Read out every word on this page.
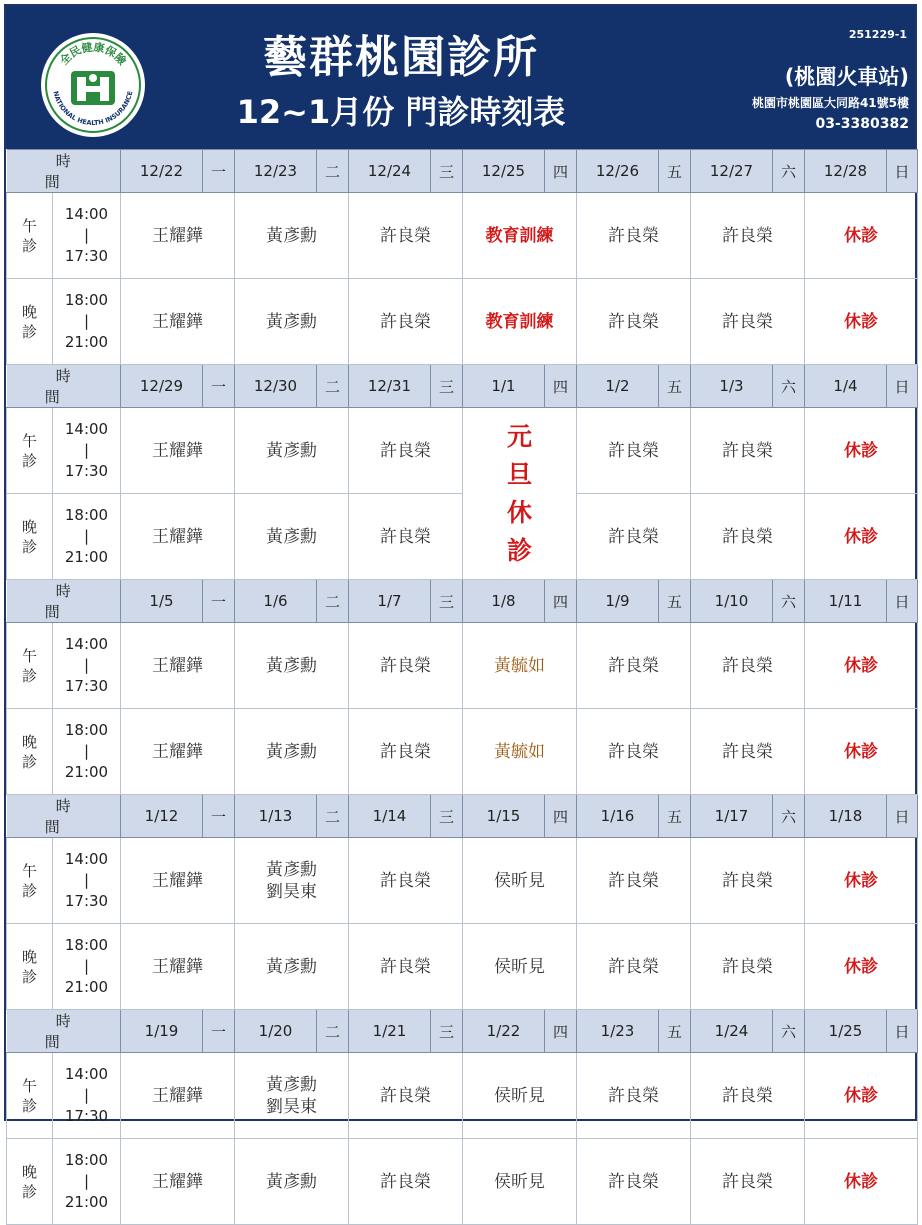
全民健康保險
NATIONAL HEALTH INSURANCE
藝群桃園診所
12~1月份 門診時刻表
251229-1
(桃園火車站)
桃園市桃園區大同路41號5樓
03-3380382
時 間		12/22	一	12/23	二	12/24	三	12/25	四	12/26	五	12/27	六	12/28	日
午
診	14:00
|
17:30	王耀鏵		黃彥勳		許良榮		教育訓練		許良榮		許良榮		休診	
晚
診	18:00
|
21:00	王耀鏵		黃彥勳		許良榮		教育訓練		許良榮		許良榮		休診	
時 間		12/29	一	12/30	二	12/31	三	1/1	四	1/2	五	1/3	六	1/4	日
午
診	14:00
|
17:30	王耀鏵		黃彥勳		許良榮		元
旦
休
診		許良榮		許良榮		休診	
晚
診	18:00
|
21:00	王耀鏵		黃彥勳		許良榮				許良榮		許良榮		休診	
時 間		1/5	一	1/6	二	1/7	三	1/8	四	1/9	五	1/10	六	1/11	日
午
診	14:00
|
17:30	王耀鏵		黃彥勳		許良榮		黃毓如		許良榮		許良榮		休診	
晚
診	18:00
|
21:00	王耀鏵		黃彥勳		許良榮		黃毓如		許良榮		許良榮		休診	
時 間		1/12	一	1/13	二	1/14	三	1/15	四	1/16	五	1/17	六	1/18	日
午
診	14:00
|
17:30	王耀鏵		黃彥勳
劉昊東		許良榮		侯昕見		許良榮		許良榮		休診	
晚
診	18:00
|
21:00	王耀鏵		黃彥勳		許良榮		侯昕見		許良榮		許良榮		休診	
時 間		1/19	一	1/20	二	1/21	三	1/22	四	1/23	五	1/24	六	1/25	日
午
診	14:00
|
17:30	王耀鏵		黃彥勳
劉昊東		許良榮		侯昕見		許良榮		許良榮		休診	
晚
診	18:00
|
21:00	王耀鏵		黃彥勳		許良榮		侯昕見		許良榮		許良榮		休診	
